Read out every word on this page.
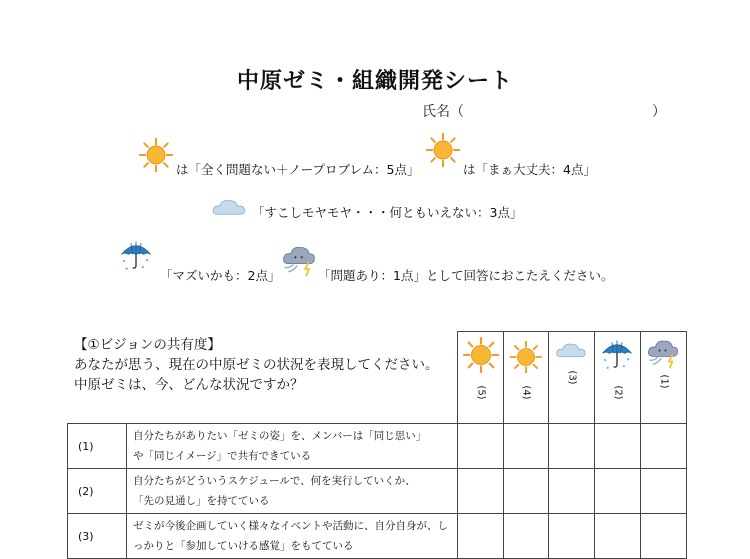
中原ゼミ・組織開発シート
氏名（	）
は「全く問題ない＋ノープロブレム：5点」	は「まぁ大丈夫：4点」
「すこしモヤモヤ・・・何ともいえない：3点」
「マズいかも：2点」	「問題あり：1点」として回答におこたえください。

		(5)	(4)	(3)	(2)	(1)

(1)	自分たちがありたい「ゼミの姿」を、メンバーは「同じ思い」
や「同じイメージ」で共有できている					

(2)	自分たちがどういうスケジュールで、何を実行していくか、
「先の見通し」を持てている					

(3)	ゼミが今後企画していく様々なイベントや活動に、自分自身が、し
っかりと「参加していける感覚」をもてている					

【①ビジョンの共有度】
あなたが思う、現在の中原ゼミの状況を表現してください。
中原ゼミは、今、どんな状況ですか？
